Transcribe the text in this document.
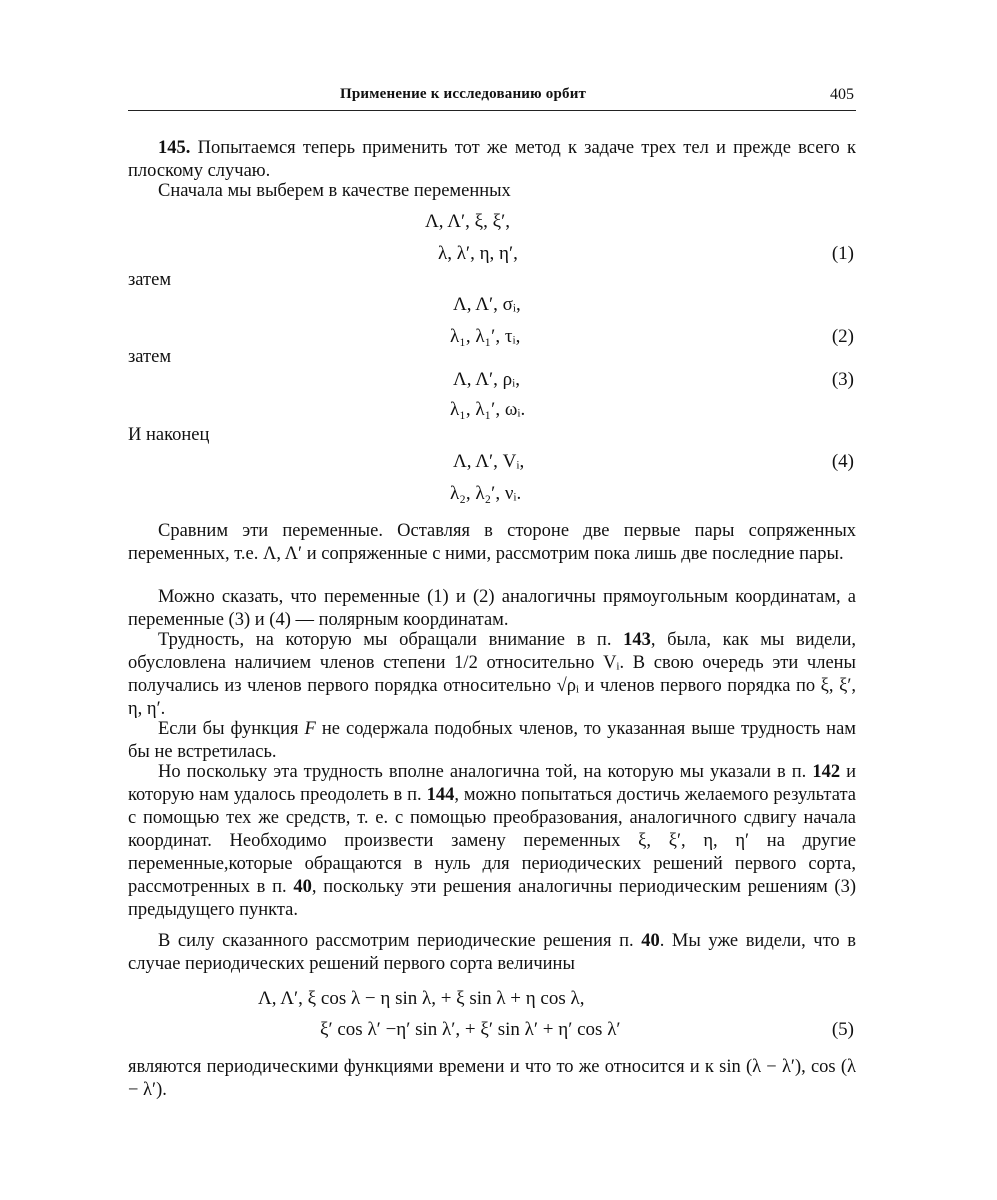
Применение к исследованию орбит	405
145. Попытаемся теперь применить тот же метод к задаче трех тел и прежде всего к плоскому случаю.
Сначала мы выберем в качестве переменных
Λ, Λ′, ξ, ξ′,
λ, λ′, η, η′,	(1)
затем
Λ, Λ′, σᵢ,
λ₁, λ₁′, τᵢ,	(2)
затем
Λ, Λ′, ρᵢ,	(3)
λ₁, λ₁′, ωᵢ.
И наконец
Λ, Λ′, Vᵢ,	(4)
λ₂, λ₂′, νᵢ.
Сравним эти переменные. Оставляя в стороне две первые пары сопряженных переменных, т.е. Λ, Λ′ и сопряженные с ними, рассмотрим пока лишь две последние пары.
Можно сказать, что переменные (1) и (2) аналогичны прямоугольным координатам, а переменные (3) и (4) — полярным координатам.
Трудность, на которую мы обращали внимание в п. 143, была, как мы видели, обусловлена наличием членов степени 1/2 относительно Vᵢ. В свою очередь эти члены получались из членов первого порядка относительно √ρᵢ и членов первого порядка по ξ, ξ′, η, η′.
Если бы функция F не содержала подобных членов, то указанная выше трудность нам бы не встретилась.
Но поскольку эта трудность вполне аналогична той, на которую мы указали в п. 142 и которую нам удалось преодолеть в п. 144, можно попытаться достичь желаемого результата с помощью тех же средств, т. е. с помощью преобразования, аналогичного сдвигу начала координат. Необходимо произвести замену переменных ξ, ξ′, η, η′ на другие переменные,которые обращаются в нуль для периодических решений первого сорта, рассмотренных в п. 40, поскольку эти решения аналогичны периодическим решениям (3) предыдущего пункта.
В силу сказанного рассмотрим периодические решения п. 40. Мы уже видели, что в случае периодических решений первого сорта величины
Λ, Λ′, ξ cos λ − η sin λ, + ξ sin λ + η cos λ,
ξ′ cos λ′ −η′ sin λ′, + ξ′ sin λ′ + η′ cos λ′	(5)
являются периодическими функциями времени и что то же относится и к sin (λ − λ′), cos (λ − λ′).
